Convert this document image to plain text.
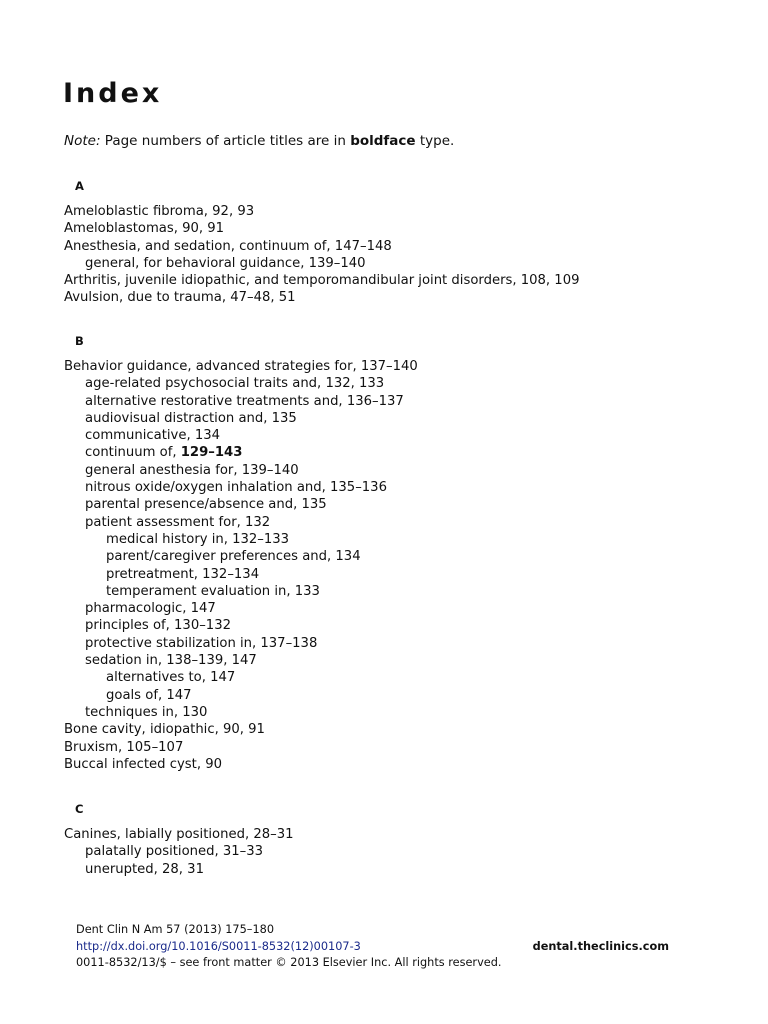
Index
Note: Page numbers of article titles are in boldface type.
A
Ameloblastic fibroma, 92, 93
Ameloblastomas, 90, 91
Anesthesia, and sedation, continuum of, 147–148
general, for behavioral guidance, 139–140
Arthritis, juvenile idiopathic, and temporomandibular joint disorders, 108, 109
Avulsion, due to trauma, 47–48, 51
B
Behavior guidance, advanced strategies for, 137–140
age-related psychosocial traits and, 132, 133
alternative restorative treatments and, 136–137
audiovisual distraction and, 135
communicative, 134
continuum of, 129–143
general anesthesia for, 139–140
nitrous oxide/oxygen inhalation and, 135–136
parental presence/absence and, 135
patient assessment for, 132
medical history in, 132–133
parent/caregiver preferences and, 134
pretreatment, 132–134
temperament evaluation in, 133
pharmacologic, 147
principles of, 130–132
protective stabilization in, 137–138
sedation in, 138–139, 147
alternatives to, 147
goals of, 147
techniques in, 130
Bone cavity, idiopathic, 90, 91
Bruxism, 105–107
Buccal infected cyst, 90
C
Canines, labially positioned, 28–31
palatally positioned, 31–33
unerupted, 28, 31
Dent Clin N Am 57 (2013) 175–180
http://dx.doi.org/10.1016/S0011-8532(12)00107-3	dental.theclinics.com
0011-8532/13/$ – see front matter © 2013 Elsevier Inc. All rights reserved.
